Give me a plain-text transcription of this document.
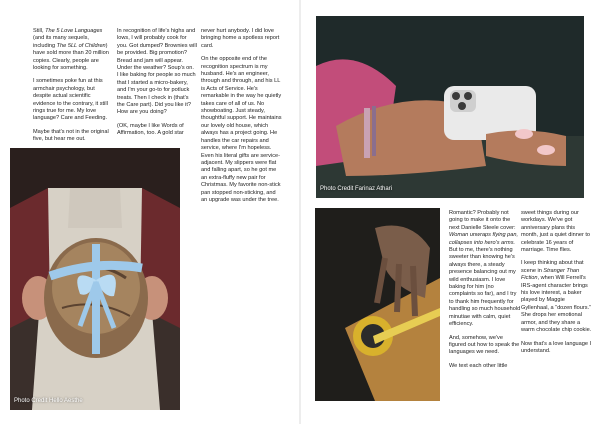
Still, The 5 Love Languages (and its many sequels, including The 5LL of Children) have sold more than 20 million copies. Clearly, people are looking for something.

I sometimes poke fun at this armchair psychology, but despite actual scientific evidence to the contrary, it still rings true for me. My love language? Care and Feeding.

Maybe that's not in the original five, but hear me out.

In recognition of life's highs and lows, I will probably cook for you. Got dumped? Brownies will be provided. Big promotion? Bread and jam will appear. Under the weather? Soup's on. I like baking for people so much that I started a micro-bakery, and I'm your go-to for potluck treats. Then I check in (that's the Care part). Did you like it? How are you doing?

(OK, maybe I like Words of Affirmation, too. A gold star

never hurt anybody. I did love bringing home a spotless report card.

On the opposite end of the recognition spectrum is my husband. He's an engineer, through and through, and his LL is Acts of Service. He's remarkable in the way he quietly takes care of all of us. No showboating. Just steady, thoughtful support. He maintains our lovely old house, which always has a project going. He handles the car repairs and service, where I'm hopeless. Even his literal gifts are service-adjacent. My slippers were flat and falling apart, so he got me an extra-fluffy new pair for Christmas. My favorite non-stick pan stopped non-sticking, and an upgrade was under the tree.

Photo Credit Hello Aesthe
Photo Credit Farinaz Athari

Romantic? Probably not going to make it onto the next Danielle Steele cover: Woman unwraps flying pan, collapses into hero's arms. But to me, there's nothing sweeter than knowing he's always there, a steady presence balancing out my wild enthusiasm. I love baking for him (no complaints so far), and I try to thank him frequently for handling so much household minutiae with calm, quiet efficiency.

And, somehow, we've figured out how to speak the languages we need.

We text each other little

sweet things during our workdays. We've got anniversary plans this month, just a quiet dinner to celebrate 16 years of marriage. Time flies.

I keep thinking about that scene in Stranger Than Fiction, when Will Ferrell's IRS-agent character brings his love interest, a baker played by Maggie Gyllenhaal, a “dozen flours.” She drops her emotional armor, and they share a warm chocolate chip cookie.

Now that's a love language I understand.
